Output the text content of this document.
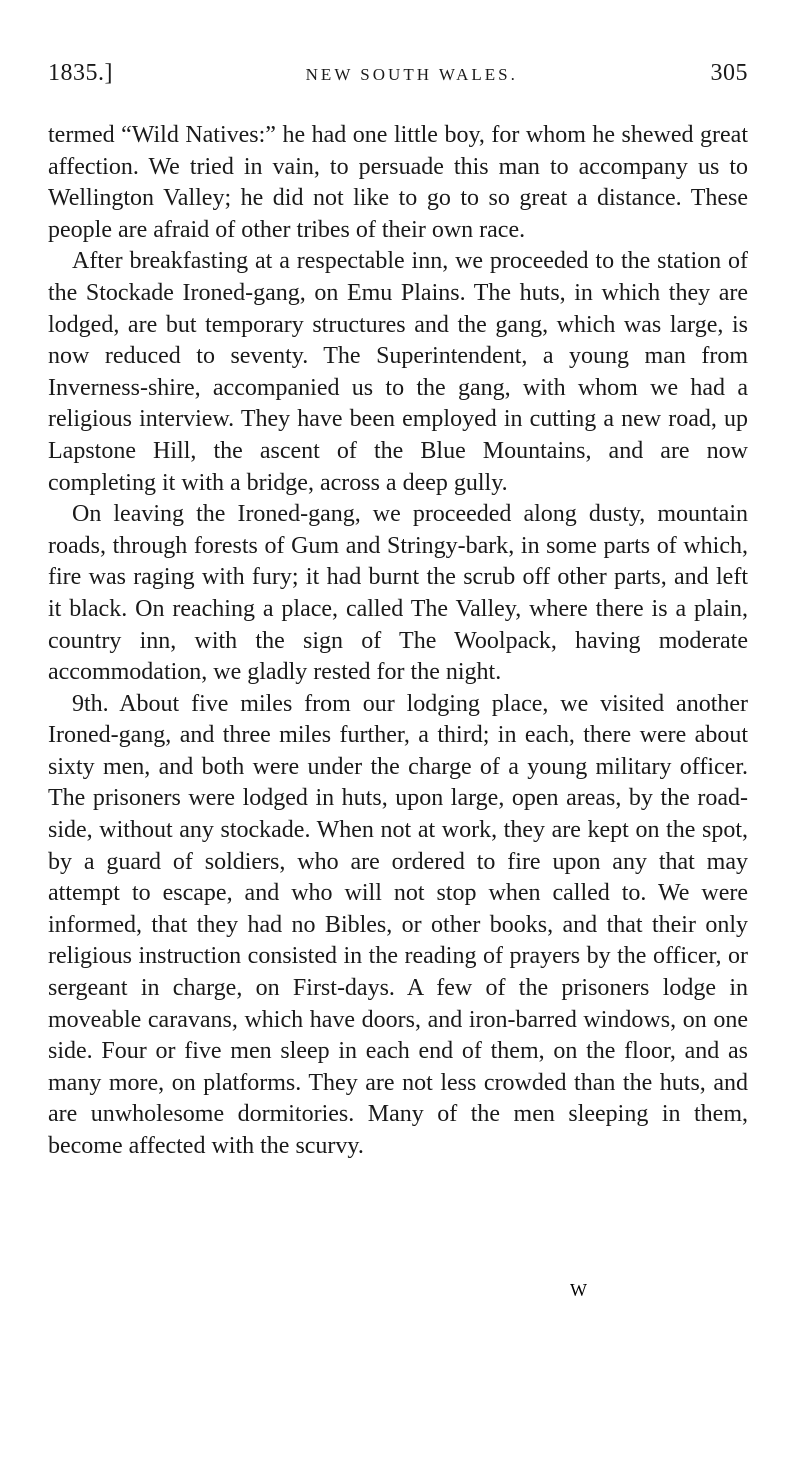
1835.]	NEW SOUTH WALES.	305

termed “Wild Natives:” he had one little boy, for whom he shewed great affection. We tried in vain, to persuade this man to accompany us to Wellington Valley; he did not like to go to so great a distance. These people are afraid of other tribes of their own race.

After breakfasting at a respectable inn, we proceeded to the station of the Stockade Ironed-gang, on Emu Plains. The huts, in which they are lodged, are but temporary structures and the gang, which was large, is now reduced to seventy. The Superintendent, a young man from Inverness-shire, accompanied us to the gang, with whom we had a religious interview. They have been employed in cutting a new road, up Lapstone Hill, the ascent of the Blue Mountains, and are now completing it with a bridge, across a deep gully.

On leaving the Ironed-gang, we proceeded along dusty, mountain roads, through forests of Gum and Stringy-bark, in some parts of which, fire was raging with fury; it had burnt the scrub off other parts, and left it black. On reaching a place, called The Valley, where there is a plain, country inn, with the sign of The Woolpack, having moderate accommodation, we gladly rested for the night.

9th. About five miles from our lodging place, we visited another Ironed-gang, and three miles further, a third; in each, there were about sixty men, and both were under the charge of a young military officer. The prisoners were lodged in huts, upon large, open areas, by the road-side, without any stockade. When not at work, they are kept on the spot, by a guard of soldiers, who are ordered to fire upon any that may attempt to escape, and who will not stop when called to. We were informed, that they had no Bibles, or other books, and that their only religious instruction consisted in the reading of prayers by the officer, or sergeant in charge, on First-days. A few of the prisoners lodge in moveable caravans, which have doors, and iron-barred windows, on one side. Four or five men sleep in each end of them, on the floor, and as many more, on platforms. They are not less crowded than the huts, and are unwholesome dormitories. Many of the men sleeping in them, become affected with the scurvy.

W
